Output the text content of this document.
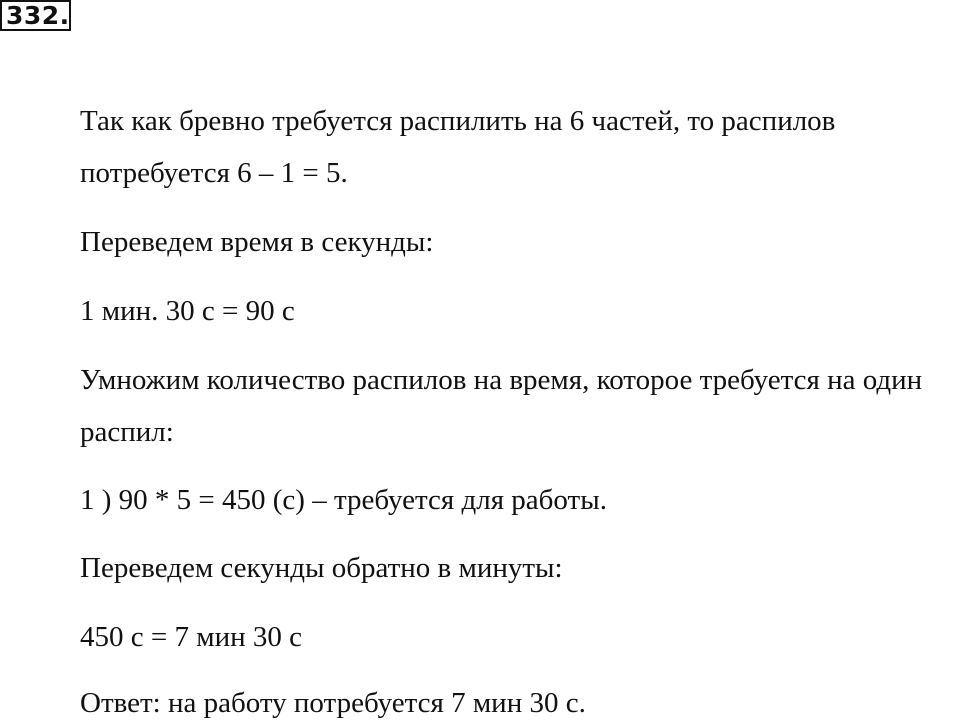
332.
Так как бревно требуется распилить на 6 частей, то распилов
потребуется 6 – 1 = 5.
Переведем время в секунды:
1 мин. 30 с = 90 с
Умножим количество распилов на время, которое требуется на один
распил:
1 ) 90 * 5 = 450 (с) – требуется для работы.
Переведем секунды обратно в минуты:
450 с = 7 мин 30 с
Ответ: на работу потребуется 7 мин 30 с.
